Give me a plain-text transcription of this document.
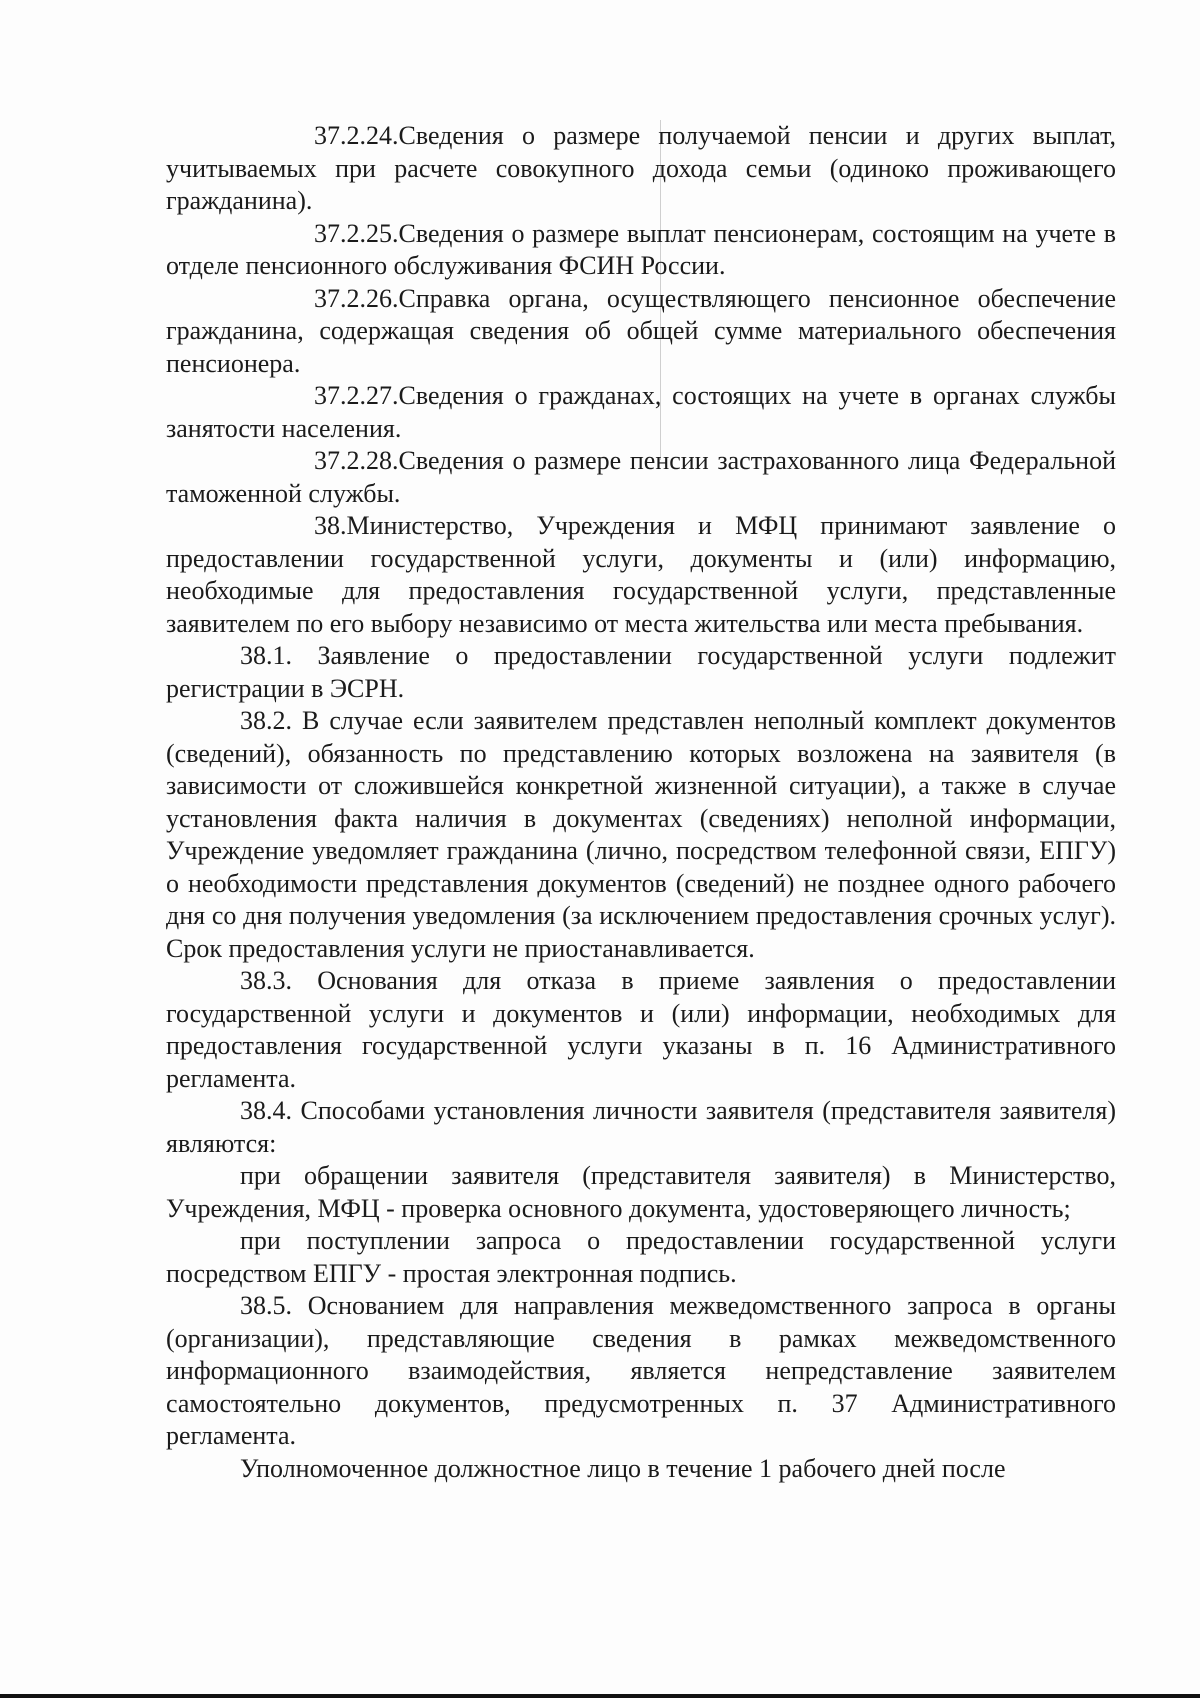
37.2.24.Сведения о размере получаемой пенсии и других выплат, учитываемых при расчете совокупного дохода семьи (одиноко проживающего гражданина).

37.2.25.Сведения о размере выплат пенсионерам, состоящим на учете в отделе пенсионного обслуживания ФСИН России.

37.2.26.Справка органа, осуществляющего пенсионное обеспечение гражданина, содержащая сведения об общей сумме материального обеспечения пенсионера.

37.2.27.Сведения о гражданах, состоящих на учете в органах службы занятости населения.

37.2.28.Сведения о размере пенсии застрахованного лица Федеральной таможенной службы.

38.Министерство, Учреждения и МФЦ принимают заявление о предоставлении государственной услуги, документы и (или) информацию, необходимые для предоставления государственной услуги, представленные заявителем по его выбору независимо от места жительства или места пребывания.

38.1. Заявление о предоставлении государственной услуги подлежит регистрации в ЭСРН.

38.2. В случае если заявителем представлен неполный комплект документов (сведений), обязанность по представлению которых возложена на заявителя (в зависимости от сложившейся конкретной жизненной ситуации), а также в случае установления факта наличия в документах (сведениях) неполной информации, Учреждение уведомляет гражданина (лично, посредством телефонной связи, ЕПГУ) о необходимости представления документов (сведений) не позднее одного рабочего дня со дня получения уведомления (за исключением предоставления срочных услуг). Срок предоставления услуги не приостанавливается.

38.3. Основания для отказа в приеме заявления о предоставлении государственной услуги и документов и (или) информации, необходимых для предоставления государственной услуги указаны в п. 16 Административного регламента.

38.4. Способами установления личности заявителя (представителя заявителя) являются:

при обращении заявителя (представителя заявителя) в Министерство, Учреждения, МФЦ - проверка основного документа, удостоверяющего личность;

при поступлении запроса о предоставлении государственной услуги посредством ЕПГУ - простая электронная подпись.

38.5. Основанием для направления межведомственного запроса в органы (организации), представляющие сведения в рамках межведомственного информационного взаимодействия, является непредставление заявителем самостоятельно документов, предусмотренных п. 37 Административного регламента.

Уполномоченное должностное лицо в течение 1 рабочего дней после
